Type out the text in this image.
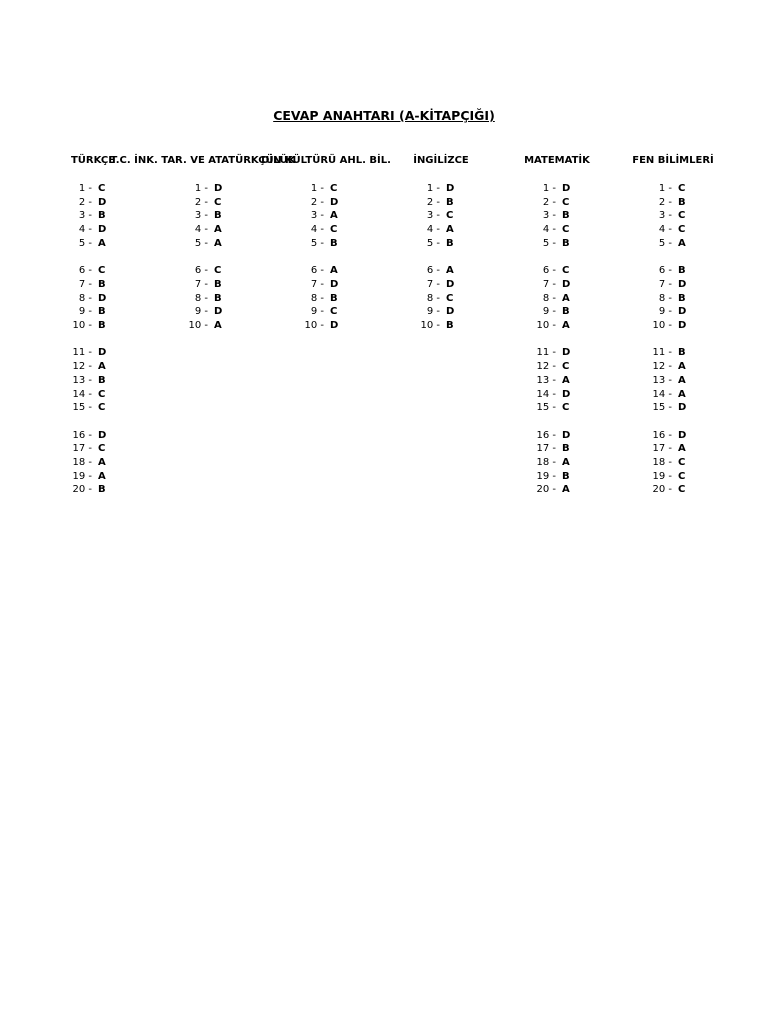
CEVAP ANAHTARI (A-KİTAPÇIĞI)
TÜRKÇE
1 - C
2 - D
3 - B
4 - D
5 - A
6 - C
7 - B
8 - D
9 - B
10 - B
11 - D
12 - A
13 - B
14 - C
15 - C
16 - D
17 - C
18 - A
19 - A
20 - B
T.C. İNK. TAR. VE ATATÜRKÇÜLÜK
1 - D
2 - C
3 - B
4 - A
5 - A
6 - C
7 - B
8 - B
9 - D
10 - A
DİN KÜLTÜRÜ AHL. BİL.
1 - C
2 - D
3 - A
4 - C
5 - B
6 - A
7 - D
8 - B
9 - C
10 - D
İNGİLİZCE
1 - D
2 - B
3 - C
4 - A
5 - B
6 - A
7 - D
8 - C
9 - D
10 - B
MATEMATİK
1 - D
2 - C
3 - B
4 - C
5 - B
6 - C
7 - D
8 - A
9 - B
10 - A
11 - D
12 - C
13 - A
14 - D
15 - C
16 - D
17 - B
18 - A
19 - B
20 - A
FEN BİLİMLERİ
1 - C
2 - B
3 - C
4 - C
5 - A
6 - B
7 - D
8 - B
9 - D
10 - D
11 - B
12 - A
13 - A
14 - A
15 - D
16 - D
17 - A
18 - C
19 - C
20 - C
